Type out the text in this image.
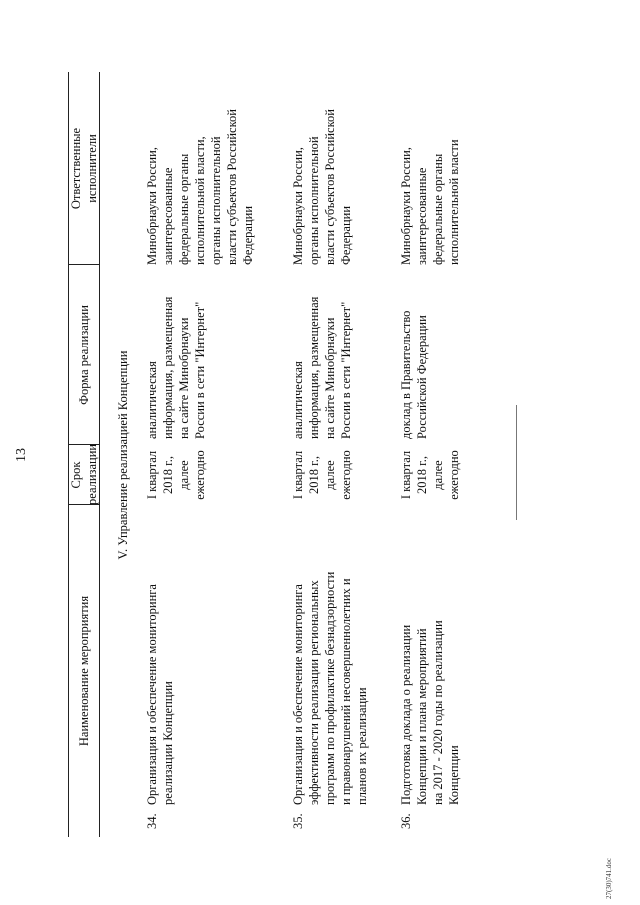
13
Наименование мероприятия
Срок
реализации
Форма реализации
Ответственные
исполнители
V. Управление реализацией Концепции
34.
Организация и обеспечение мониторинга
реализации Концепции
I квартал
2018 г.,
далее
ежегодно
аналитическая
информация, размещенная
на сайте Минобрнауки
России в сети "Интернет"
Минобрнауки России,
заинтересованные
федеральные органы
исполнительной власти,
органы исполнительной
власти субъектов Российской
Федерации
35.
Организация и обеспечение мониторинга
эффективности реализации региональных
программ по профилактике безнадзорности
и правонарушений несовершеннолетних и
планов их реализации
I квартал
2018 г.,
далее
ежегодно
аналитическая
информация, размещенная
на сайте Минобрнауки
России в сети "Интернет"
Минобрнауки России,
органы исполнительной
власти субъектов Российской
Федерации
36.
Подготовка доклада о реализации
Концепции и плана мероприятий
на 2017 - 2020 годы по реализации
Концепции
I квартал
2018 г.,
далее
ежегодно
доклад в Правительство
Российской Федерации
Минобрнауки России,
заинтересованные
федеральные органы
исполнительной власти
27(30)741.doc
